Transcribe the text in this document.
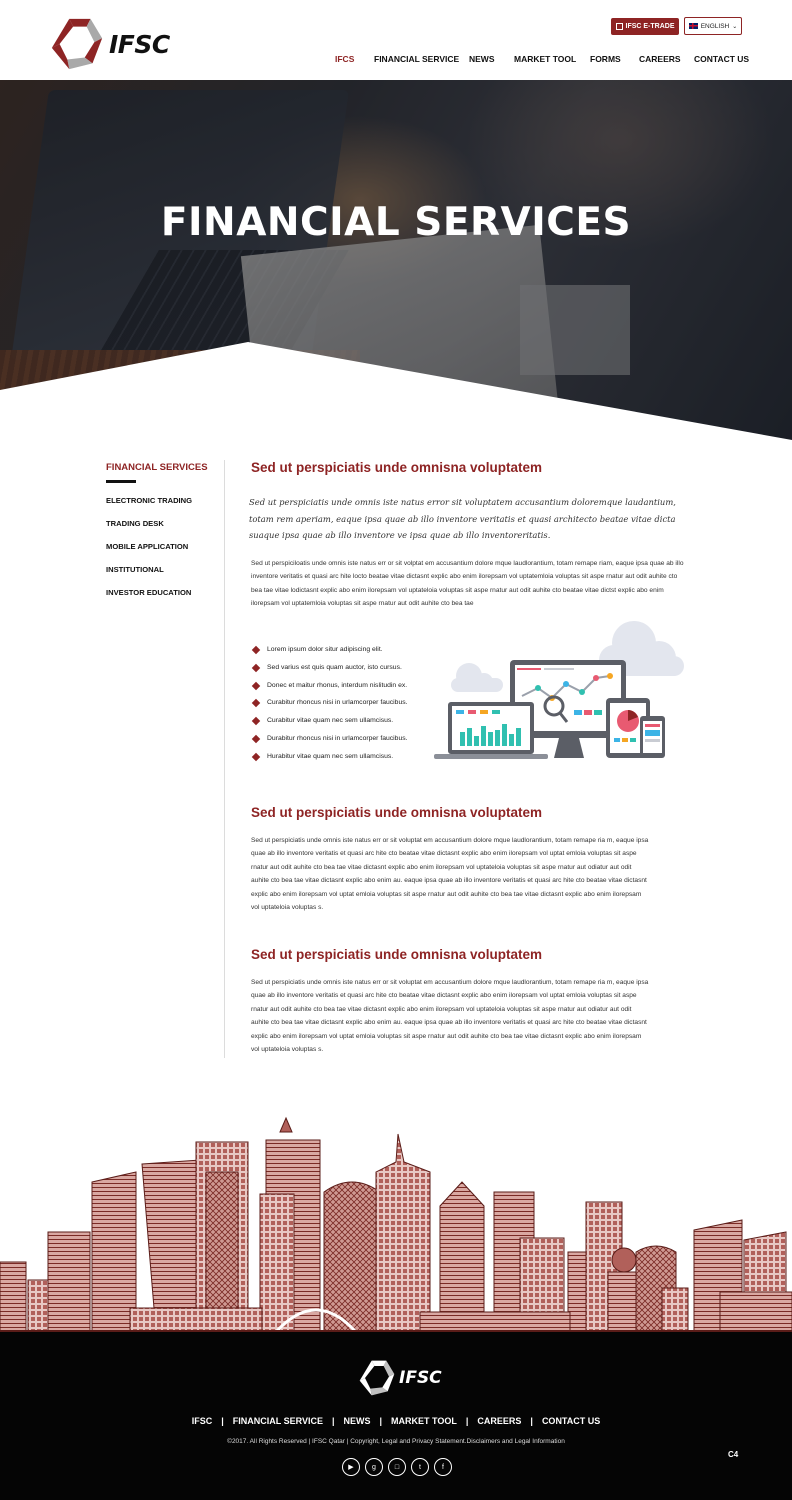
IFSC
IFSC E-TRADE	ENGLISH ⌄
IFCS FINANCIAL SERVICE NEWS MARKET TOOL FORMS CAREERS CONTACT US
FINANCIAL SERVICES
FINANCIAL SERVICES
ELECTRONIC TRADING
TRADING DESK
MOBILE APPLICATION
INSTITUTIONAL
INVESTOR EDUCATION
Sed ut perspiciatis unde omnisna voluptatem
Sed ut perspiciatis unde omnis iste natus error sit voluptatem accusantium doloremque laudantium, totam rem aperiam, eaque ipsa quae ab illo inventore veritatis et quasi architecto beatae vitae dicta suaque ipsa quae ab illo inventore ve ipsa quae ab illo inventoreritatis.
Sed ut perspiciloatis unde omnis iste natus err or sit volptat em accusantium dolore mque laudlorantium, totam remape riam, eaque ipsa quae ab illo inventore veritatis et quasi arc hite locto beatae vitae dictasnt explic abo enim ilorepsam vol uptatemloia voluptas sit aspe rnatur aut odit auhite cto bea tae vitae lodictasnt explic abo enim ilorepsam vol uptateloia voluptas sit aspe rnatur aut odit auhite cto beatae vitae dictst explic abo enim ilorepsam vol uptatemloia voluptas sit aspe rnatur aut odit auhite cto bea tae
Lorem ipsum dolor situr adipiscing elit.
Sed varius est quis quam auctor, isto cursus.
Donec et maitur rhonus, interdum nislitudin ex.
Curabitur rhoncus nisi in urlamcorper faucibus.
Curabitur vitae quam nec sem ullamcisus.
Durabitur rhoncus nisi in urlamcorper faucibus.
Hurabitur vitae quam nec sem ullamcisus.
Sed ut perspiciatis unde omnisna voluptatem
Sed ut perspiciatis unde omnis iste natus err or sit voluptat em accusantium dolore mque laudlorantium, totam remape ria m, eaque ipsa quae ab illo inventore veritatis et quasi arc hite cto beatae vitae dictasnt explic abo enim ilorepsam vol uptat emloia voluptas sit aspe rnatur aut odit auhite cto bea tae vitae dictasnt explic abo enim ilorepsam vol uptateloia voluptas sit aspe rnatur aut odiatur aut odit auhite cto bea tae vitae dictasnt explic abo enim au. eaque ipsa quae ab illo inventore veritatis et quasi arc hite cto beatae vitae dictasnt explic abo enim ilorepsam vol uptat emloia voluptas sit aspe rnatur aut odit auhite cto bea tae vitae dictasnt explic abo enim ilorepsam vol uptateloia voluptas s.
Sed ut perspiciatis unde omnisna voluptatem
Sed ut perspiciatis unde omnis iste natus err or sit voluptat em accusantium dolore mque laudlorantium, totam remape ria m, eaque ipsa quae ab illo inventore veritatis et quasi arc hite cto beatae vitae dictasnt explic abo enim ilorepsam vol uptat emloia voluptas sit aspe rnatur aut odit auhite cto bea tae vitae dictasnt explic abo enim ilorepsam vol uptateloia voluptas sit aspe rnatur aut odiatur aut odit auhite cto bea tae vitae dictasnt explic abo enim au. eaque ipsa quae ab illo inventore veritatis et quasi arc hite cto beatae vitae dictasnt explic abo enim ilorepsam vol uptat emloia voluptas sit aspe rnatur aut odit auhite cto bea tae vitae dictasnt explic abo enim ilorepsam vol uptateloia voluptas s.
IFSC
IFSC | FINANCIAL SERVICE | NEWS | MARKET TOOL | CAREERS | CONTACT US
©2017. All Rights Reserved | IFSC Qatar | Copyright, Legal and Privacy Statement.Disclaimers and Legal Information
▶	g	□	t	f
C4
